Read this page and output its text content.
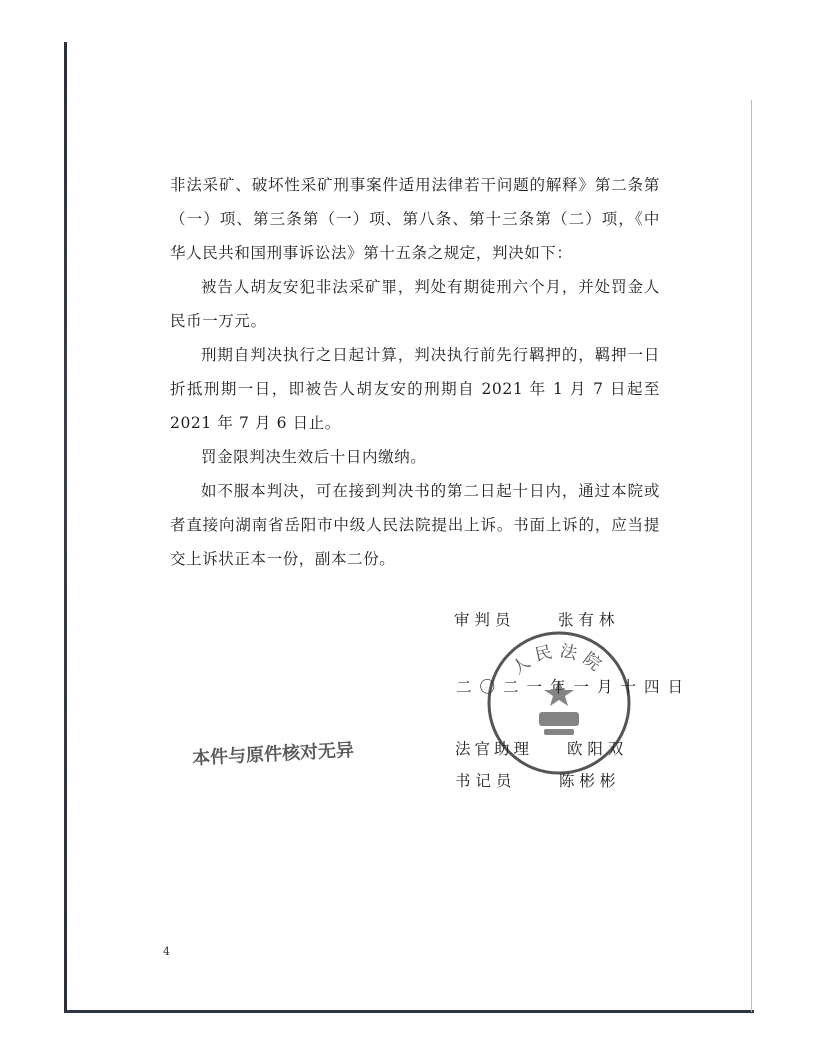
非法采矿、破坏性采矿刑事案件适用法律若干问题的解释》第二条第（一）项、第三条第（一）项、第八条、第十三条第（二）项，《中华人民共和国刑事诉讼法》第十五条之规定，判决如下：

被告人胡友安犯非法采矿罪，判处有期徒刑六个月，并处罚金人民币一万元。

刑期自判决执行之日起计算，判决执行前先行羁押的，羁押一日折抵刑期一日，即被告人胡友安的刑期自 2021 年 1 月 7 日起至 2021 年 7 月 6 日止。

罚金限判决生效后十日内缴纳。

如不服本判决，可在接到判决书的第二日起十日内，通过本院或者直接向湖南省岳阳市中级人民法院提出上诉。书面上诉的，应当提交上诉状正本一份，副本二份。

人民法院
审 判 员	张 有 林
二〇二一年一月十四日
法官助理 欧 阳 双
书 记 员	陈 彬 彬
本件与原件核对无异
4
